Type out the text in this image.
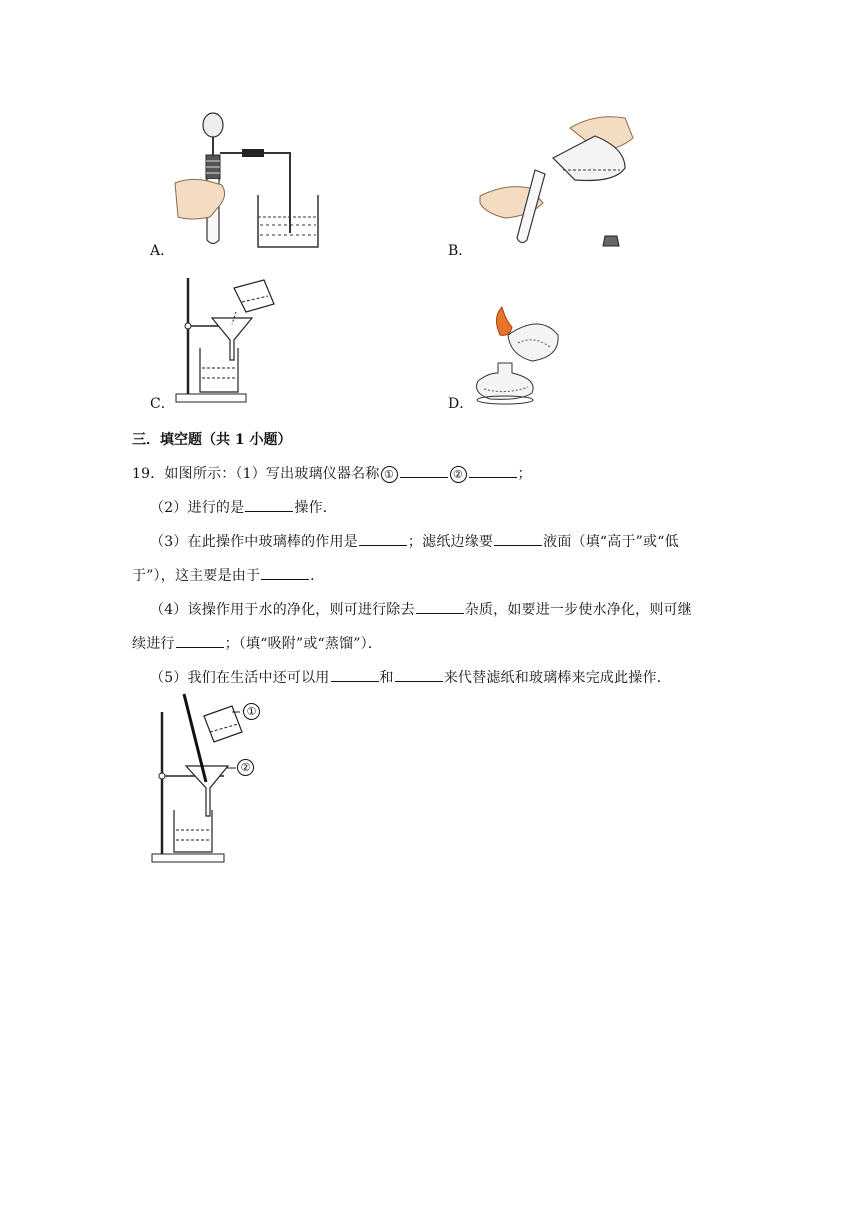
A．	B．
C．	D．
三．填空题（共 1 小题）
19．如图所示：（1）写出玻璃仪器名称 ①	②	；
（2）进行的是	操作．
（3）在此操作中玻璃棒的作用是	；滤纸边缘要	液面（填“高于”或“低
于”），这主要是由于	．
（4）该操作用于水的净化，则可进行除去	杂质，如要进一步使水净化，则可继
续进行	；（填“吸附”或“蒸馏”）．
（5）我们在生活中还可以用	和	来代替滤纸和玻璃棒来完成此操作．
①
②
